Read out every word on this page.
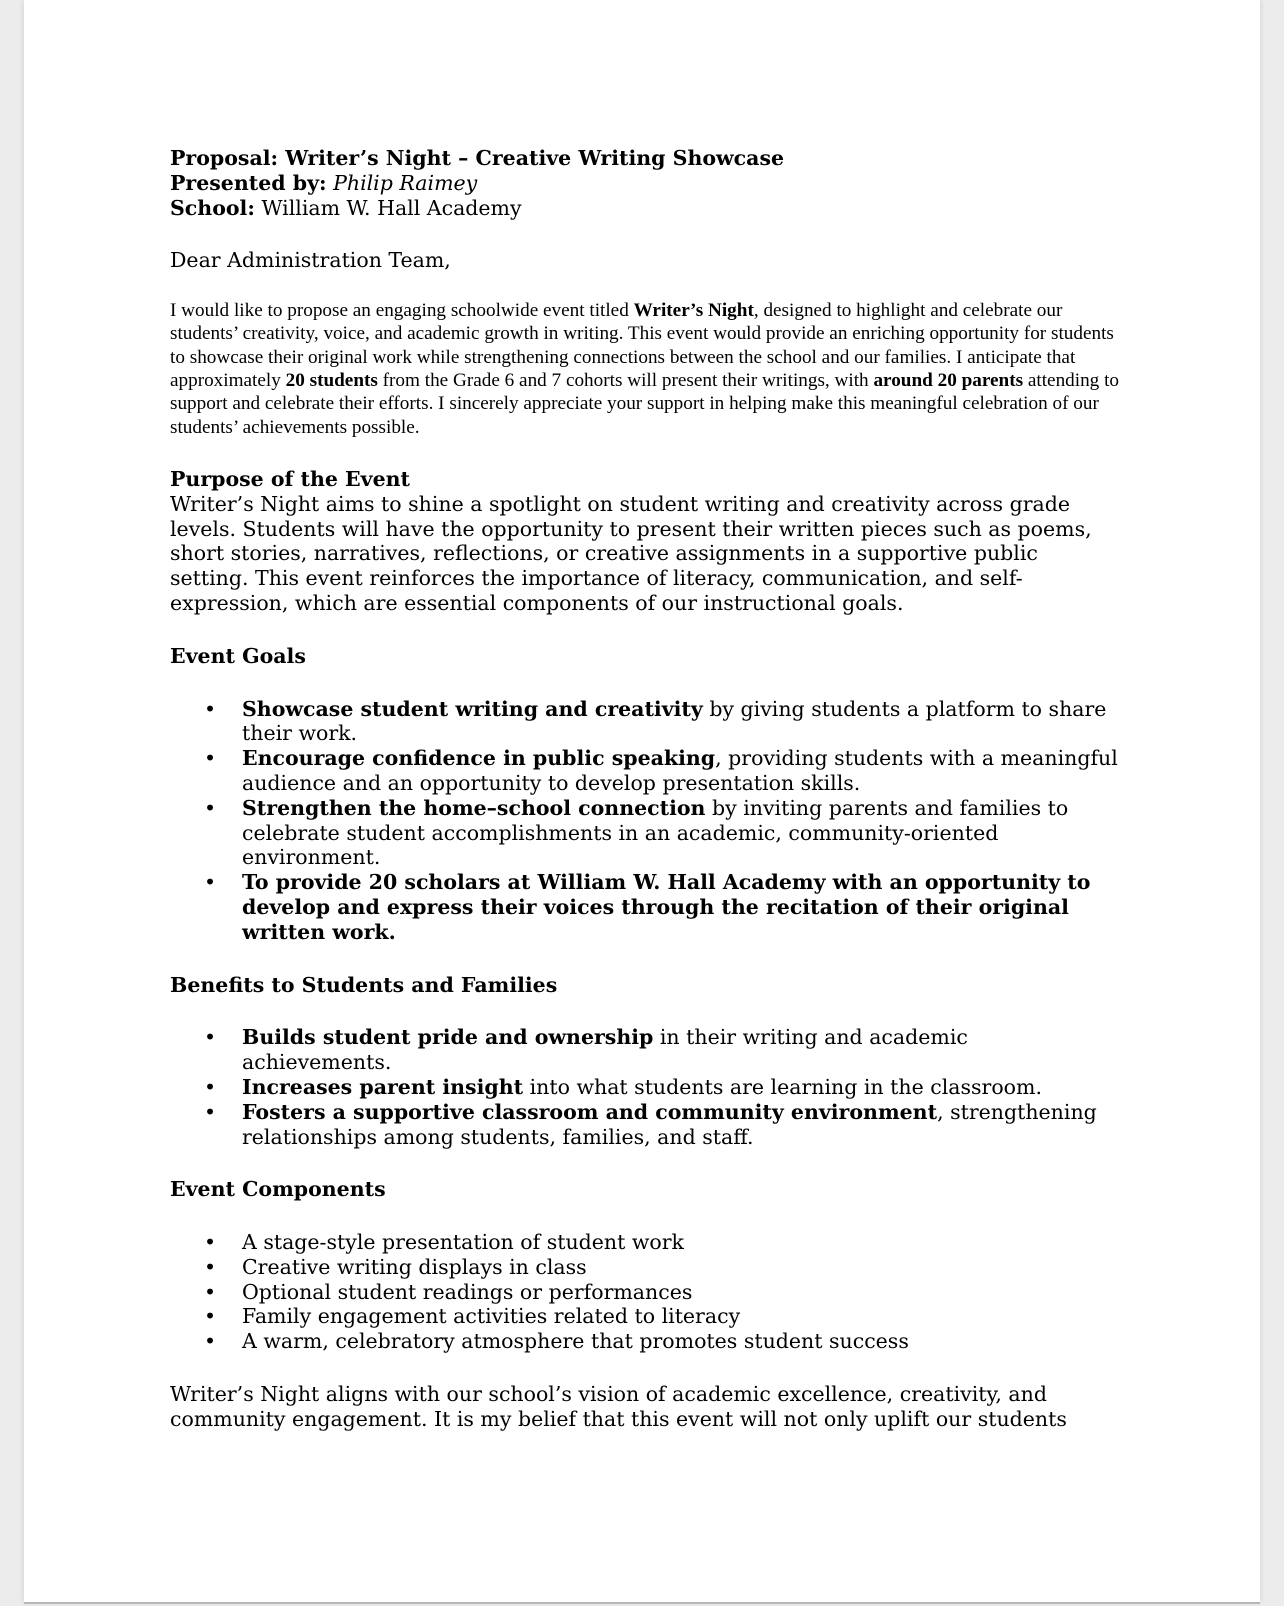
Proposal: Writer’s Night – Creative Writing Showcase
Presented by: Philip Raimey
School: William W. Hall Academy

Dear Administration Team,

I would like to propose an engaging schoolwide event titled Writer’s Night, designed to highlight and celebrate our students’ creativity, voice, and academic growth in writing. This event would provide an enriching opportunity for students to showcase their original work while strengthening connections between the school and our families. I anticipate that approximately 20 students from the Grade 6 and 7 cohorts will present their writings, with around 20 parents attending to support and celebrate their efforts. I sincerely appreciate your support in helping make this meaningful celebration of our students’ achievements possible.

Purpose of the Event

Writer’s Night aims to shine a spotlight on student writing and creativity across grade levels. Students will have the opportunity to present their written pieces such as poems, short stories, narratives, reflections, or creative assignments in a supportive public setting. This event reinforces the importance of literacy, communication, and self-expression, which are essential components of our instructional goals.

Event Goals

• Showcase student writing and creativity by giving students a platform to share their work.
• Encourage confidence in public speaking, providing students with a meaningful audience and an opportunity to develop presentation skills.
• Strengthen the home–school connection by inviting parents and families to celebrate student accomplishments in an academic, community-oriented environment.
• To provide 20 scholars at William W. Hall Academy with an opportunity to develop and express their voices through the recitation of their original written work.

Benefits to Students and Families

• Builds student pride and ownership in their writing and academic achievements.
• Increases parent insight into what students are learning in the classroom.
• Fosters a supportive classroom and community environment, strengthening relationships among students, families, and staff.

Event Components

• A stage-style presentation of student work
• Creative writing displays in class
• Optional student readings or performances
• Family engagement activities related to literacy
• A warm, celebratory atmosphere that promotes student success

Writer’s Night aligns with our school’s vision of academic excellence, creativity, and community engagement. It is my belief that this event will not only uplift our students
